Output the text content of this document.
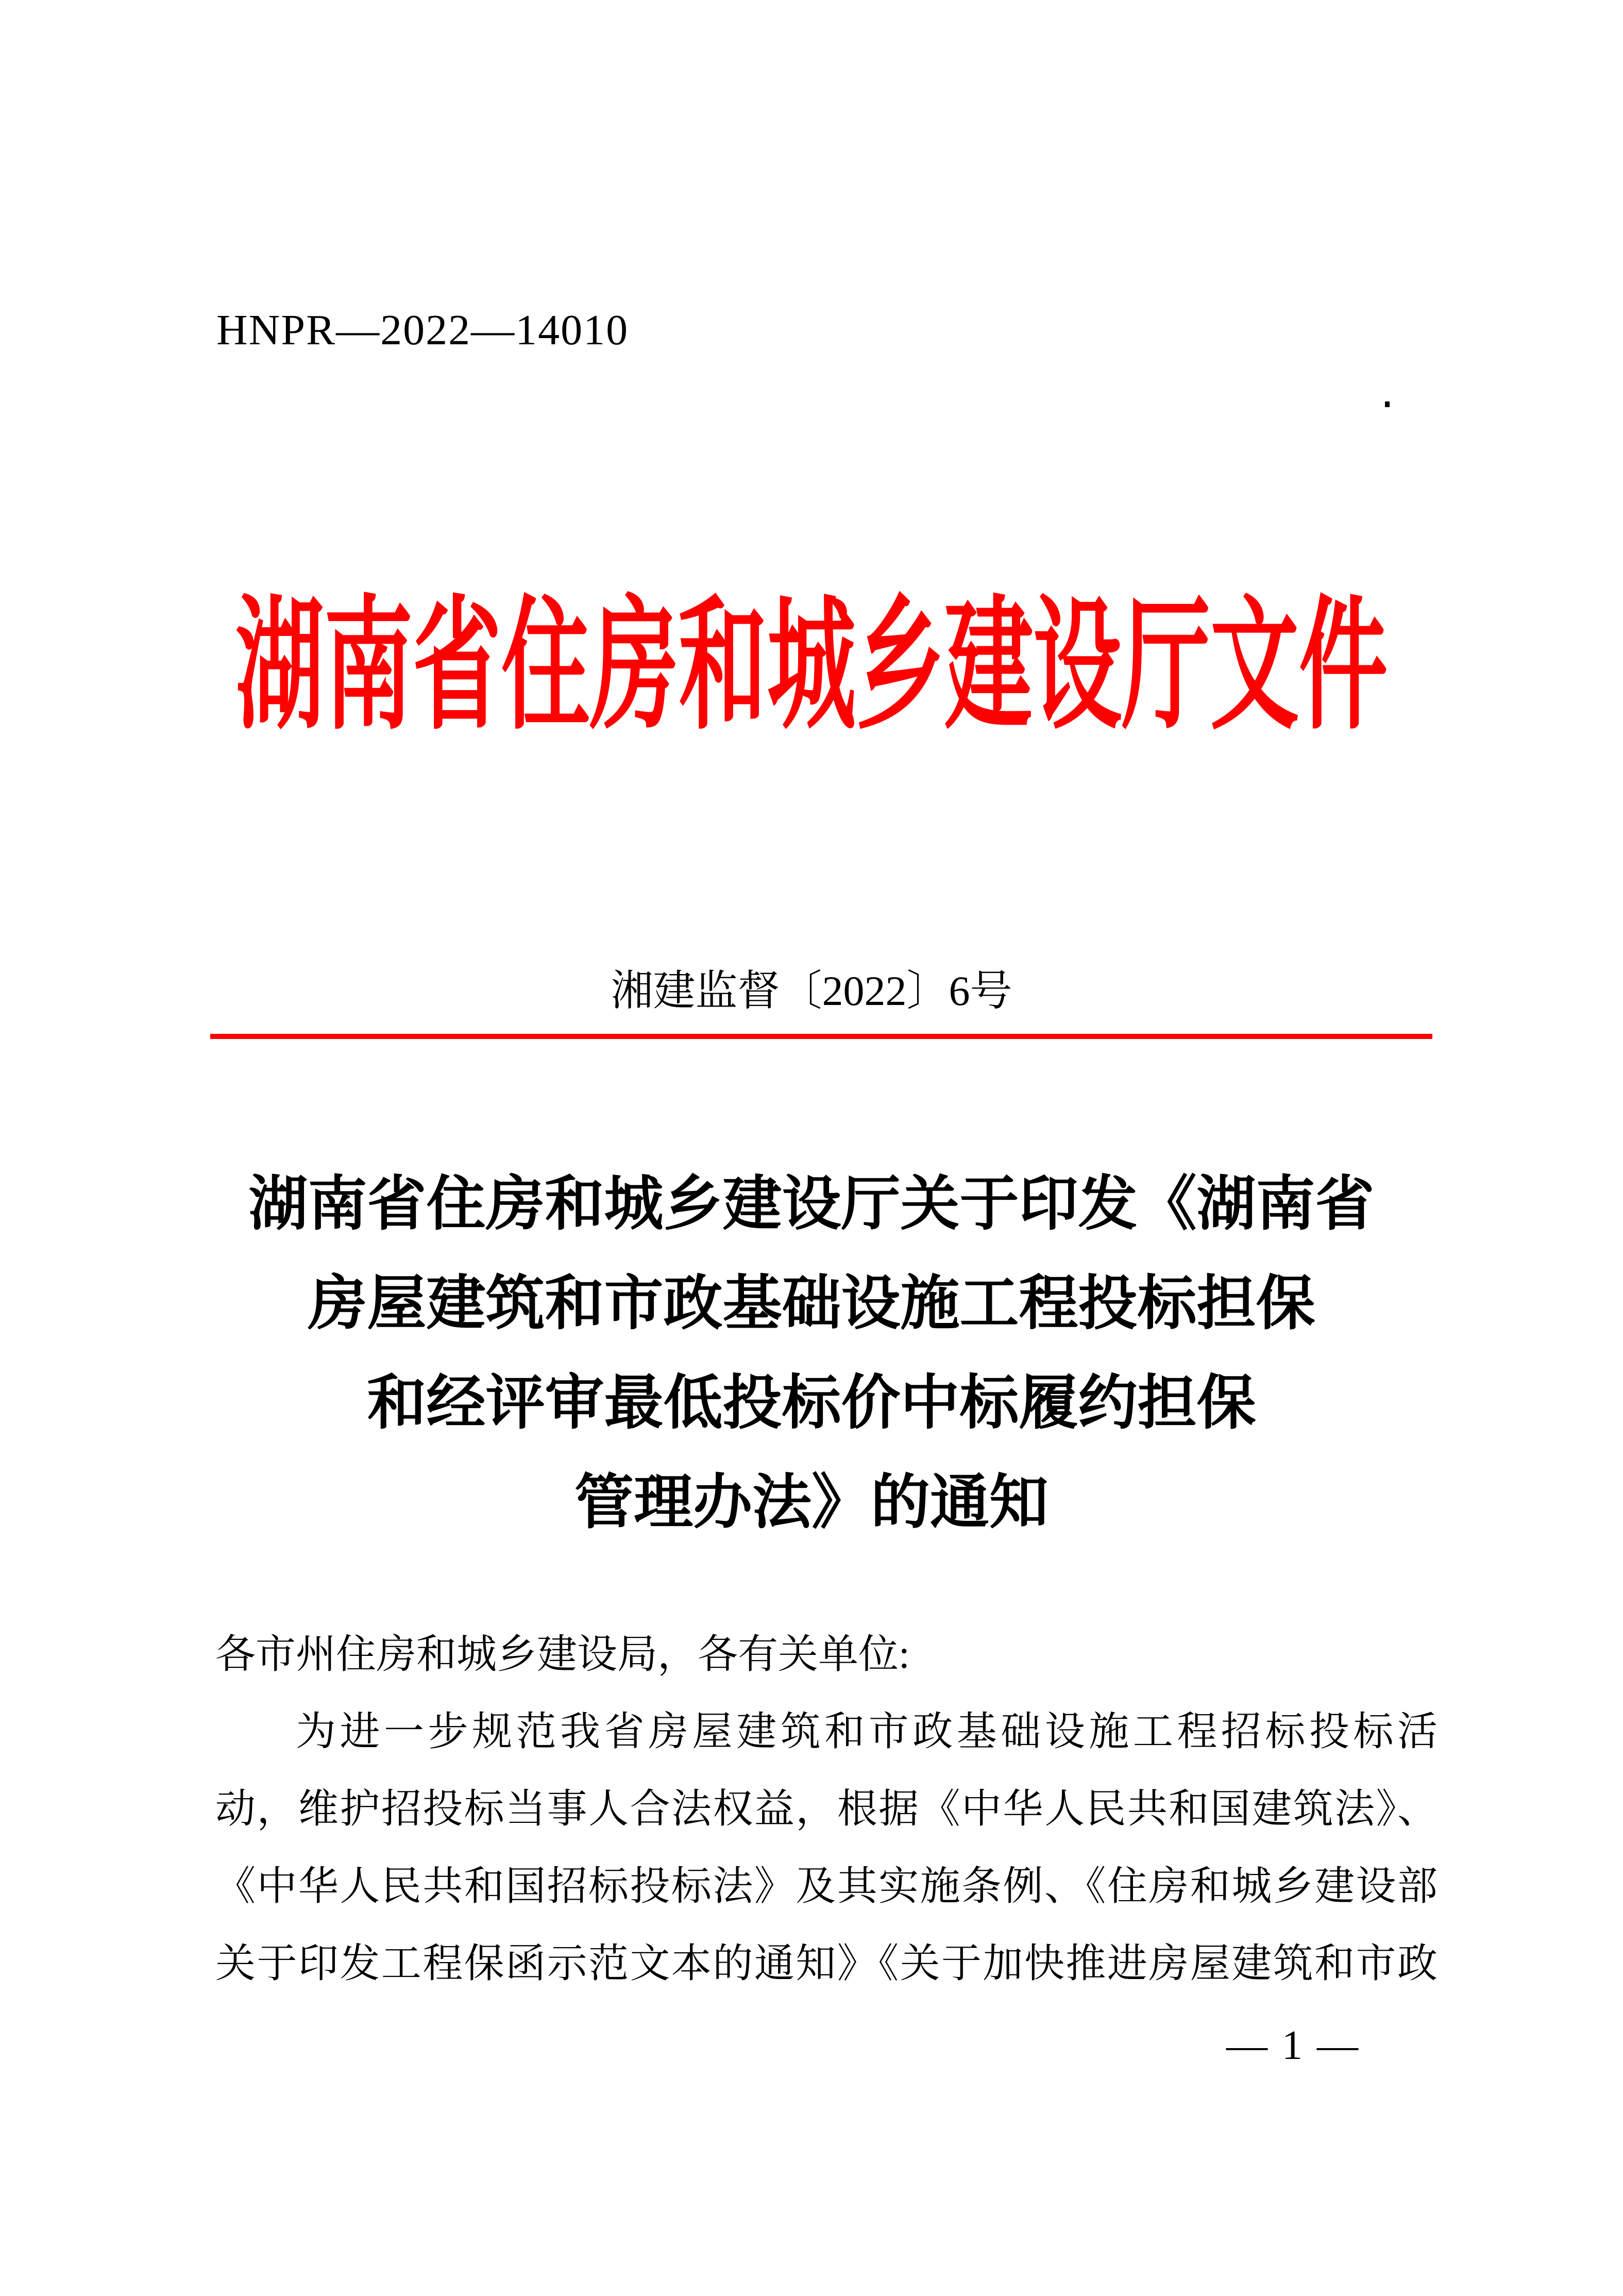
HNPR—2022—14010
湖南省住房和城乡建设厅文件
湘建监督〔2022〕6号
湖南省住房和城乡建设厅关于印发《湖南省
房屋建筑和市政基础设施工程投标担保
和经评审最低投标价中标履约担保
管理办法》的通知
各市州住房和城乡建设局，各有关单位:
为进一步规范我省房屋建筑和市政基础设施工程招标投标活
动，维护招投标当事人合法权益，根据《中华人民共和国建筑法》、
《中华人民共和国招标投标法》及其实施条例、《住房和城乡建设部
关于印发工程保函示范文本的通知》《关于加快推进房屋建筑和市政
— 1 —
